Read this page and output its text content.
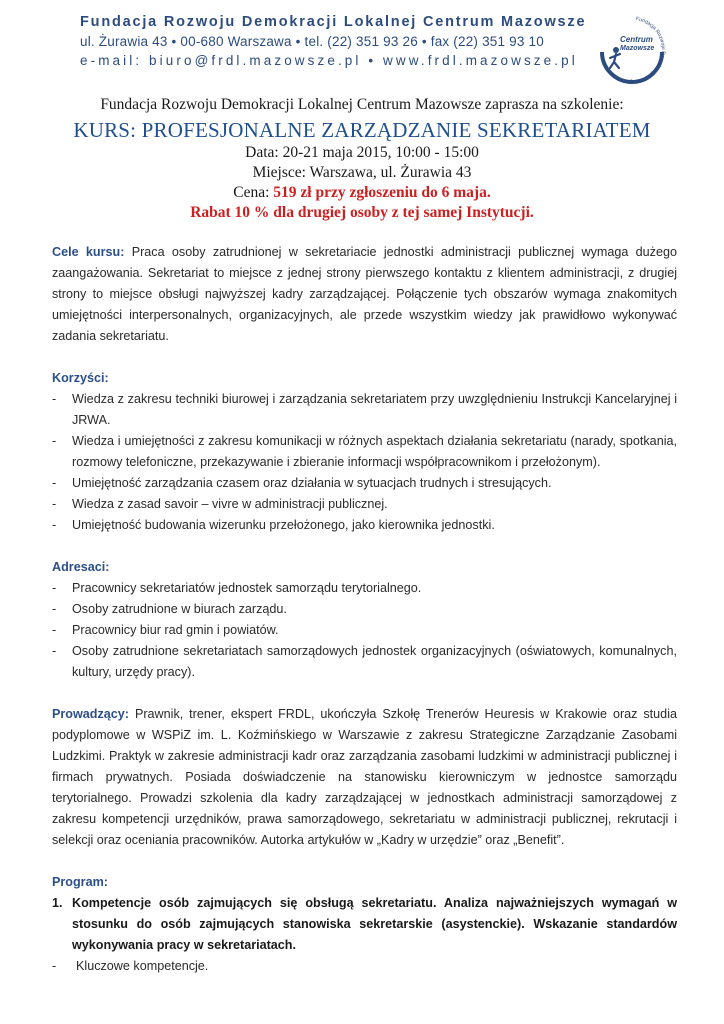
Fundacja Rozwoju Demokracji Lokalnej Centrum Mazowsze
ul. Żurawia 43 • 00-680 Warszawa • tel. (22) 351 93 26 • fax (22) 351 93 10
e-mail: biuro@frdl.mazowsze.pl • www.frdl.mazowsze.pl
Fundacja Rozwoju Demokracji Lokalnej
Centrum
Mazowsze
Fundacja Rozwoju Demokracji Lokalnej Centrum Mazowsze zaprasza na szkolenie:
KURS: PROFESJONALNE ZARZĄDZANIE SEKRETARIATEM
Data: 20-21 maja 2015, 10:00 - 15:00
Miejsce: Warszawa, ul. Żurawia 43
Cena: 519 zł przy zgłoszeniu do 6 maja.
Rabat 10 % dla drugiej osoby z tej samej Instytucji.

Cele kursu: Praca osoby zatrudnionej w sekretariacie jednostki administracji publicznej wymaga dużego zaangażowania. Sekretariat to miejsce z jednej strony pierwszego kontaktu z klientem administracji, z drugiej strony to miejsce obsługi najwyższej kadry zarządzającej. Połączenie tych obszarów wymaga znakomitych umiejętności interpersonalnych, organizacyjnych, ale przede wszystkim wiedzy jak prawidłowo wykonywać zadania sekretariatu.

Korzyści:
- Wiedza z zakresu techniki biurowej i zarządzania sekretariatem przy uwzględnieniu Instrukcji Kancelaryjnej i JRWA.
- Wiedza i umiejętności z zakresu komunikacji w różnych aspektach działania sekretariatu (narady, spotkania, rozmowy telefoniczne, przekazywanie i zbieranie informacji współpracownikom i przełożonym).
- Umiejętność zarządzania czasem oraz działania w sytuacjach trudnych i stresujących.
- Wiedza z zasad savoir – vivre w administracji publicznej.
- Umiejętność budowania wizerunku przełożonego, jako kierownika jednostki.
Adresaci:
- Pracownicy sekretariatów jednostek samorządu terytorialnego.
- Osoby zatrudnione w biurach zarządu.
- Pracownicy biur rad gmin i powiatów.
- Osoby zatrudnione sekretariatach samorządowych jednostek organizacyjnych (oświatowych, komunalnych, kultury, urzędy pracy).

Prowadzący: Prawnik, trener, ekspert FRDL, ukończyła Szkołę Trenerów Heuresis w Krakowie oraz studia podyplomowe w WSPiZ im. L. Koźmińskiego w Warszawie z zakresu Strategiczne Zarządzanie Zasobami Ludzkimi. Praktyk w zakresie administracji kadr oraz zarządzania zasobami ludzkimi w administracji publicznej i firmach prywatnych. Posiada doświadczenie na stanowisku kierowniczym w jednostce samorządu terytorialnego. Prowadzi szkolenia dla kadry zarządzającej w jednostkach administracji samorządowej z zakresu kompetencji urzędników, prawa samorządowego, sekretariatu w administracji publicznej, rekrutacji i selekcji oraz oceniania pracowników. Autorka artykułów w „Kadry w urzędzie” oraz „Benefit”.

Program:
1. Kompetencje osób zajmujących się obsługą sekretariatu. Analiza najważniejszych wymagań w stosunku do osób zajmujących stanowiska sekretarskie (asystenckie). Wskazanie standardów wykonywania pracy w sekretariatach.
- Kluczowe kompetencje.
